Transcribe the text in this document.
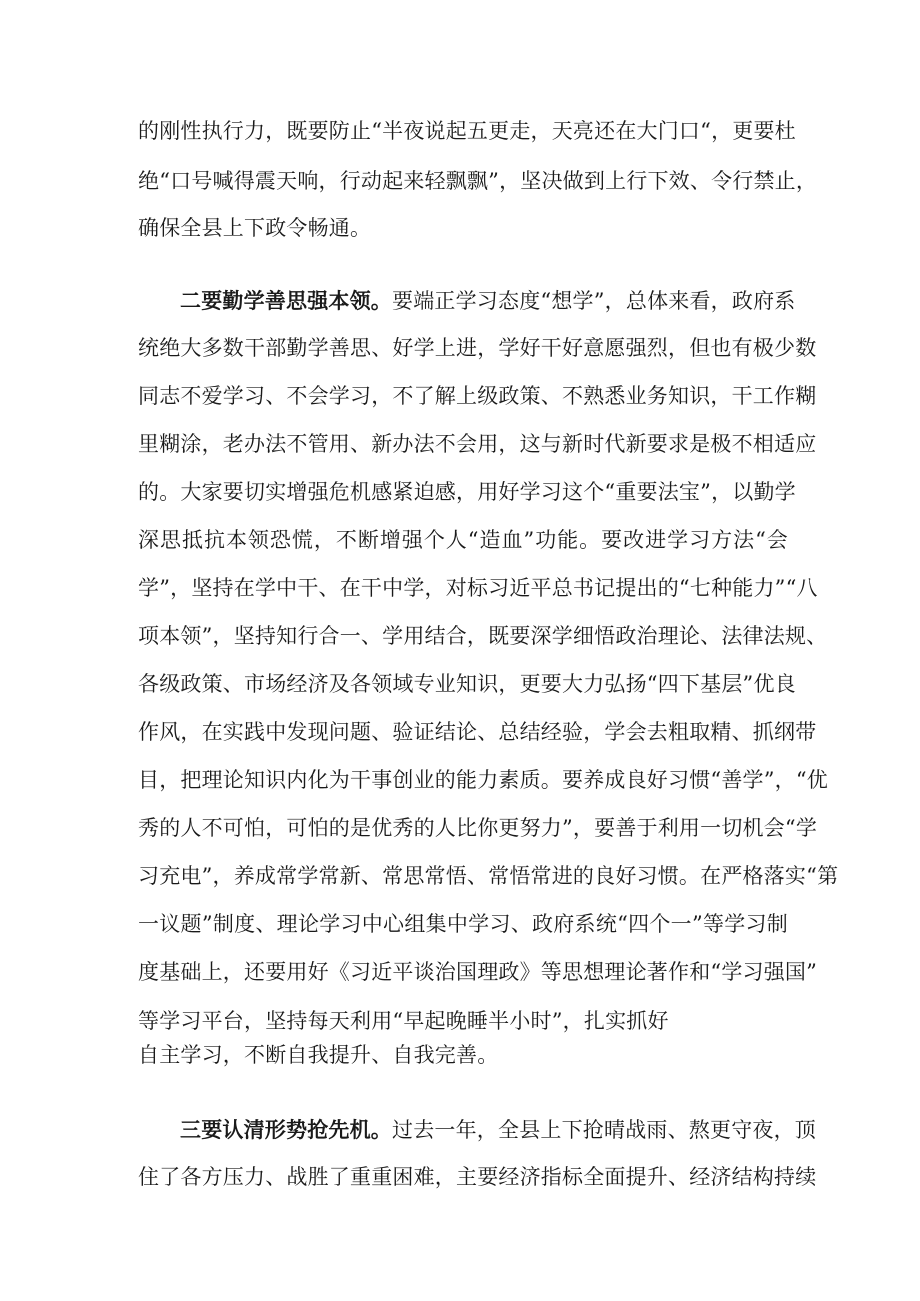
的刚性执行力，既要防止“半夜说起五更走，天亮还在大门口“，更要杜
绝“口号喊得震天响，行动起来轻飘飘”，坚决做到上行下效、令行禁止，
确保全县上下政令畅通。
二要勤学善思强本领。要端正学习态度“想学”，总体来看，政府系
统绝大多数干部勤学善思、好学上进，学好干好意愿强烈，但也有极少数
同志不爱学习、不会学习，不了解上级政策、不熟悉业务知识，干工作糊
里糊涂，老办法不管用、新办法不会用，这与新时代新要求是极不相适应
的。大家要切实增强危机感紧迫感，用好学习这个“重要法宝”，以勤学
深思抵抗本领恐慌，不断增强个人“造血”功能。要改进学习方法“会
学”，坚持在学中干、在干中学，对标习近平总书记提出的“七种能力”“八
项本领”，坚持知行合一、学用结合，既要深学细悟政治理论、法律法规、
各级政策、市场经济及各领域专业知识，更要大力弘扬“四下基层”优良
作风，在实践中发现问题、验证结论、总结经验，学会去粗取精、抓纲带
目，把理论知识内化为干事创业的能力素质。要养成良好习惯“善学”，“优
秀的人不可怕，可怕的是优秀的人比你更努力”，要善于利用一切机会“学
习充电”，养成常学常新、常思常悟、常悟常进的良好习惯。在严格落实“第
一议题”制度、理论学习中心组集中学习、政府系统“四个一”等学习制
度基础上，还要用好《习近平谈治国理政》等思想理论著作和“学习强国”
等学习平台，坚持每天利用“早起晚睡半小时”，扎实抓好
自主学习，不断自我提升、自我完善。
三要认清形势抢先机。过去一年，全县上下抢晴战雨、熬更守夜，顶
住了各方压力、战胜了重重困难，主要经济指标全面提升、经济结构持续
